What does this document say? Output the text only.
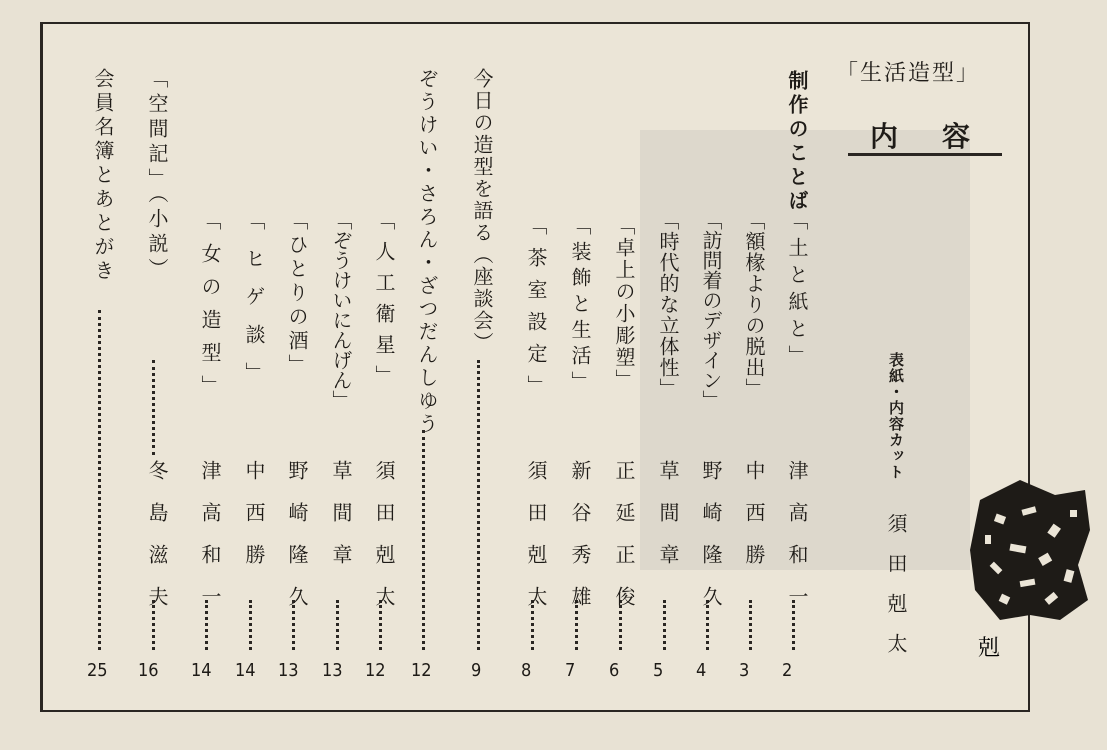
「生活造型」
内容
表紙・内容カット 須田剋太	剋
制作のことば
「土と紙と」
津高和一
2
「額椽よりの脱出」
中西勝
3
「訪問着のデザイン」
野崎隆久
4
「時代的な立体性」
草間章
5
「卓上の小彫塑」
正延正俊
6
「装飾と生活」
新谷秀雄
7
「茶室設定」
須田剋太
8
今日の造型を語る（座談会）
9
ぞうけい・さろん・ざつだんしゆう
12
「人工衛星」
須田剋太
12
「ぞうけいにんげん」
草間章
13
「ひとりの酒」
野崎隆久
13
「ヒゲ談」
中西勝
14
「女の造型」
津高和一
14
「空間記」（小説）
冬島滋夫
16
会員名簿とあとがき
25
